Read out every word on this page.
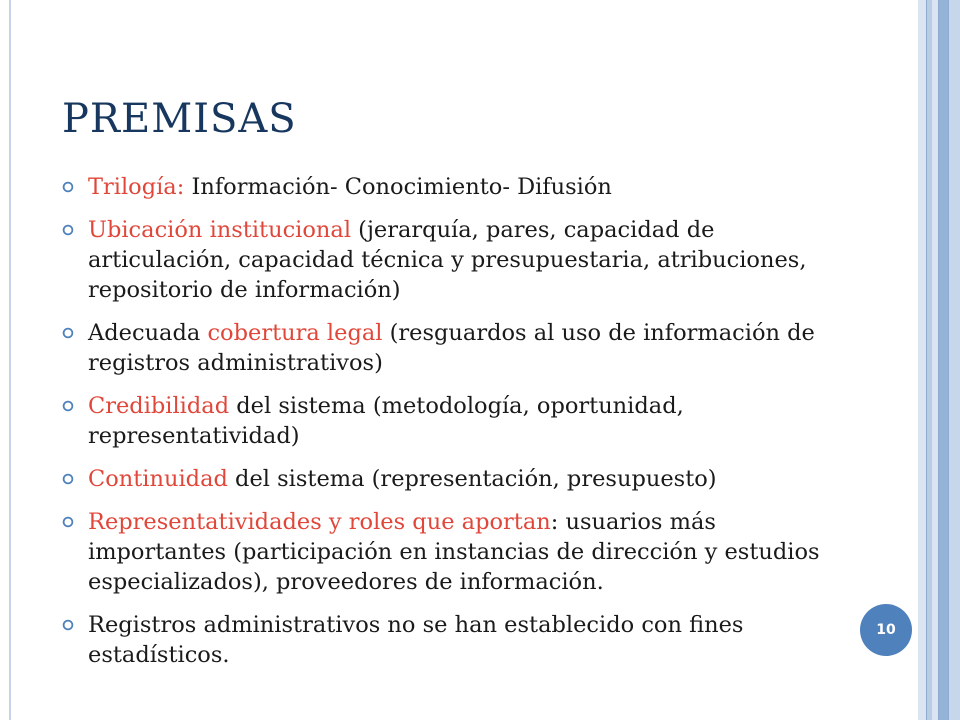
PREMISAS
Trilogía: Información- Conocimiento- Difusión
Ubicación institucional (jerarquía, pares, capacidad de articulación, capacidad técnica y presupuestaria, atribuciones, repositorio de información)
Adecuada cobertura legal (resguardos al uso de información de registros administrativos)
Credibilidad del sistema (metodología, oportunidad, representatividad)
Continuidad del sistema (representación, presupuesto)
Representatividades y roles que aportan: usuarios más importantes (participación en instancias de dirección y estudios especializados), proveedores de información.
Registros administrativos no se han establecido con fines estadísticos.
10
